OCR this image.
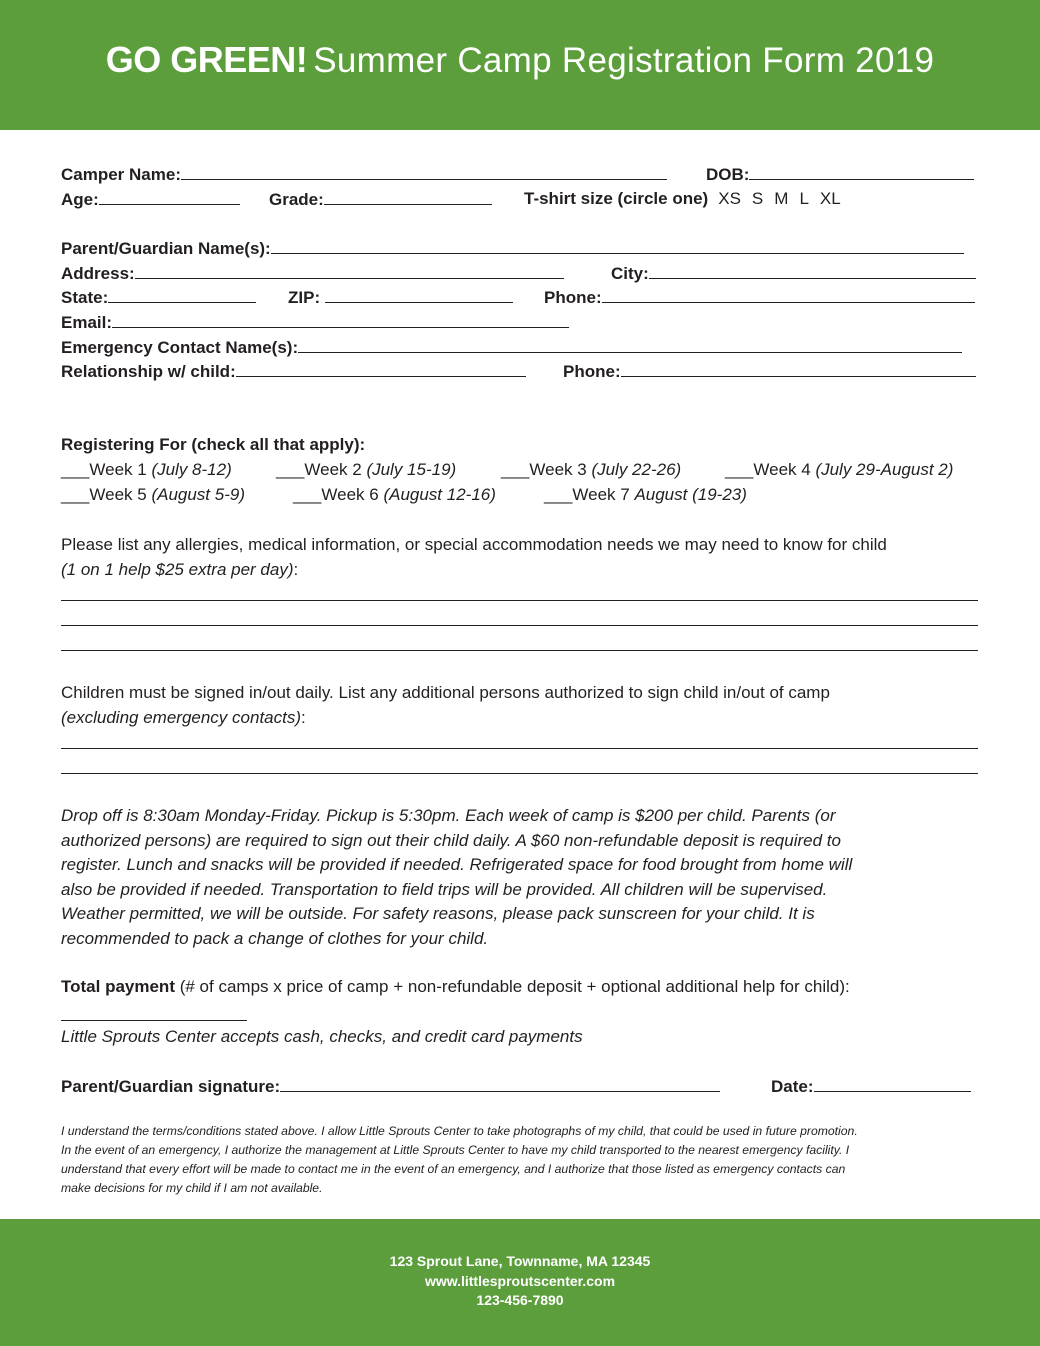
GO GREEN! Summer Camp Registration Form 2019
Camper Name:	DOB:
Age:	Grade:	T-shirt size (circle one) XS S M L XL
Parent/Guardian Name(s):
Address:	City:
State:	ZIP:	Phone:
Email:
Emergency Contact Name(s):
Relationship w/ child:	Phone:
Registering For (check all that apply):
___Week 1 (July 8-12)	___Week 2 (July 15-19)	___Week 3 (July 22-26)	___Week 4 (July 29-August 2)
___Week 5 (August 5-9)	___Week 6 (August 12-16)	___Week 7 August (19-23)
Please list any allergies, medical information, or special accommodation needs we may need to know for child
(1 on 1 help $25 extra per day):
Children must be signed in/out daily. List any additional persons authorized to sign child in/out of camp
(excluding emergency contacts):
Drop off is 8:30am Monday-Friday. Pickup is 5:30pm. Each week of camp is $200 per child. Parents (or
authorized persons) are required to sign out their child daily. A $60 non-refundable deposit is required to
register. Lunch and snacks will be provided if needed. Refrigerated space for food brought from home will
also be provided if needed. Transportation to field trips will be provided. All children will be supervised.
Weather permitted, we will be outside. For safety reasons, please pack sunscreen for your child. It is
recommended to pack a change of clothes for your child.
Total payment (# of camps x price of camp + non-refundable deposit + optional additional help for child):
Little Sprouts Center accepts cash, checks, and credit card payments
Parent/Guardian signature:	Date:
I understand the terms/conditions stated above. I allow Little Sprouts Center to take photographs of my child, that could be used in future promotion.
In the event of an emergency, I authorize the management at Little Sprouts Center to have my child transported to the nearest emergency facility. I
understand that every effort will be made to contact me in the event of an emergency, and I authorize that those listed as emergency contacts can
make decisions for my child if I am not available.
123 Sprout Lane, Townname, MA 12345
www.littlesproutscenter.com
123-456-7890
